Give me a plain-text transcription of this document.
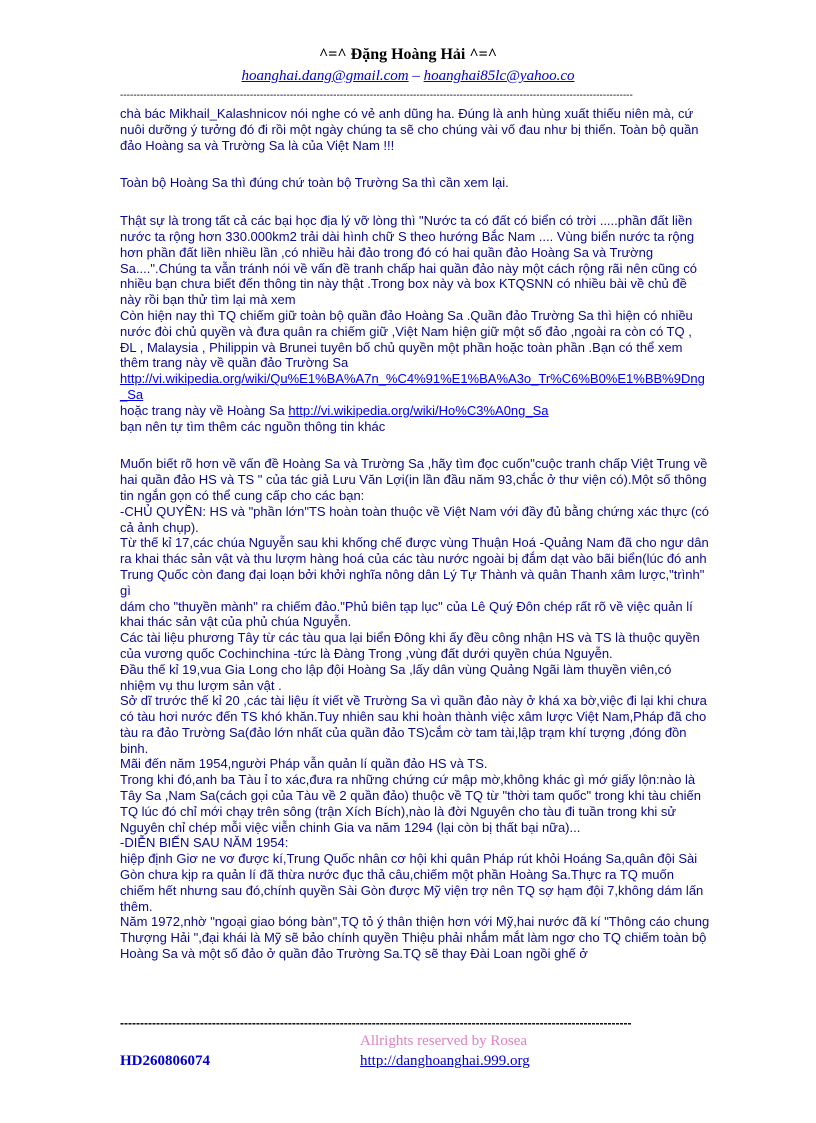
^=^ Đặng Hoàng Hải ^=^
hoanghai.dang@gmail.com – hoanghai85lc@yahoo.co
----------------------------------------------------------------------------------------------------------------------------------------------------------

chà bác Mikhail_Kalashnicov nói nghe có vẻ anh dũng ha. Đúng là anh hùng xuất thiếu niên mà, cứ nuôi dưỡng ý tưởng đó đi rồi một ngày chúng ta sẽ cho chúng vài vố đau như bị thiến. Toàn bộ quần đảo Hoàng sa và Trường Sa là của Việt Nam !!!

Toàn bộ Hoàng Sa thì đúng chứ toàn bộ Trường Sa thì cần xem lại.

Thật sự là trong tất cả các bại học địa lý vỡ lòng thì "Nước ta có đất có biển có trời .....phần đất liền nước ta rộng hơn 330.000km2 trải dài hình chữ S theo hướng Bắc Nam .... Vùng biển nước ta rộng hơn phần đất liền nhiều lần ,có nhiều hải đảo trong đó có hai quần đảo Hoàng Sa và Trường Sa....".Chúng ta vẫn tránh nói về vấn đề tranh chấp hai quần đảo này một cách rộng rãi nên cũng có nhiều bạn chưa biết đến thông tin này thật .Trong box này và box KTQSNN có nhiều bài về chủ đề này rồi bạn thử tìm lại mà xem

Còn hiện nay thì TQ chiếm giữ toàn bộ quần đảo Hoàng Sa .Quần đảo Trường Sa thì hiện có nhiều nước đòi chủ quyền và đưa quân ra chiếm giữ ,Việt Nam hiện giữ một số đảo ,ngoài ra còn có TQ , ĐL , Malaysia , Philippin và Brunei tuyên bố chủ quyền một phần hoặc toàn phần .Bạn có thể xem thêm trang này về quần đảo Trường Sa

http://vi.wikipedia.org/wiki/Qu%E1%BA%A7n_%C4%91%E1%BA%A3o_Tr%C6%B0%E1%BB%9Dng_Sa

hoặc trang này về Hoàng Sa http://vi.wikipedia.org/wiki/Ho%C3%A0ng_Sa

bạn nên tự tìm thêm các nguồn thông tin khác

Muốn biết rõ hơn về vấn đề Hoàng Sa và Trường Sa ,hãy tìm đọc cuốn"cuộc tranh chấp Việt Trung về hai quần đảo HS và TS " của tác giả Lưu Văn Lợi(in lần đầu năm 93,chắc ở thư viện có).Một số thông tin ngắn gọn có thể cung cấp cho các bạn:

-CHỦ QUYỀN: HS và "phần lớn"TS hoàn toàn thuộc về Việt Nam với đầy đủ bằng chứng xác thực (có cả ảnh chụp).

Từ thế kỉ 17,các chúa Nguyễn sau khi khống chế được vùng Thuận Hoá -Quảng Nam đã cho ngư dân ra khai thác sản vật và thu lượm hàng hoá của các tàu nước ngoài bị đắm dạt vào bãi biển(lúc đó anh Trung Quốc còn đang đại loạn bởi khởi nghĩa nông dân Lý Tự Thành và quân Thanh xâm lược,"trình" gì

dám cho "thuyền mành" ra chiếm đảo."Phủ biên tạp lục" của Lê Quý Đôn chép rất rõ về việc quản lí khai thác sản vật của phủ chúa Nguyễn.

Các tài liệu phương Tây từ các tàu qua lại biển Đông khi ấy đều công nhận HS và TS là thuộc quyền của vương quốc Cochinchina -tức là Đàng Trong ,vùng đất dưới quyền chúa Nguyễn.

Đầu thế kỉ 19,vua Gia Long cho lập đội Hoàng Sa ,lấy dân vùng Quảng Ngãi làm thuyền viên,có nhiệm vụ thu lượm sản vật .

Sở dĩ trước thế kỉ 20 ,các tài liệu ít viết về Trường Sa vì quần đảo này ở khá xa bờ,việc đi lại khi chưa có tàu hơi nước đến TS khó khăn.Tuy nhiên sau khi hoàn thành việc xâm lược Việt Nam,Pháp đã cho tàu ra đảo Trường Sa(đảo lớn nhất của quần đảo TS)cắm cờ tam tài,lập trạm khí tượng ,đóng đồn binh.

Mãi đến năm 1954,người Pháp vẫn quản lí quần đảo HS và TS.

Trong khi đó,anh ba Tàu ỉ to xác,đưa ra những chứng cứ mập mờ,không khác gì mớ giấy lộn:nào là Tây Sa ,Nam Sa(cách gọi của Tàu về 2 quần đảo) thuộc về TQ từ "thời tam quốc" trong khi tàu chiến TQ lúc đó chỉ mới chạy trên sông (trận Xích Bích),nào là đời Nguyên cho tàu đi tuần trong khi sử Nguyên chỉ chép mỗi việc viễn chinh Gia va năm 1294 (lại còn bị thất bại nữa)...

-DIỄN BIẾN SAU NĂM 1954:

hiệp định Giơ ne vơ được kí,Trung Quốc nhân cơ hội khi quân Pháp rút khỏi Hoáng Sa,quân đội Sài Gòn chưa kịp ra quản lí đã thừa nước đục thả câu,chiếm một phần Hoàng Sa.Thực ra TQ muốn chiếm hết nhưng sau đó,chính quyền Sài Gòn được Mỹ viện trợ nên TQ sợ hạm đội 7,không dám lấn thêm.

Năm 1972,nhờ "ngoại giao bóng bàn",TQ tỏ ý thân thiện hơn với Mỹ,hai nước đã kí "Thông cáo chung Thượng Hải ",đại khái là Mỹ sẽ bảo chính quyền Thiệu phải nhắm mắt làm ngơ cho TQ chiếm toàn bộ Hoàng Sa và một số đảo ở quần đảo Trường Sa.TQ sẽ thay Đài Loan ngồi ghế ở

--------------------------------------------------------------------------------------------------------------------------------
HD260806074
Allrights reserved by Rosea
http://danghoanghai.999.org
